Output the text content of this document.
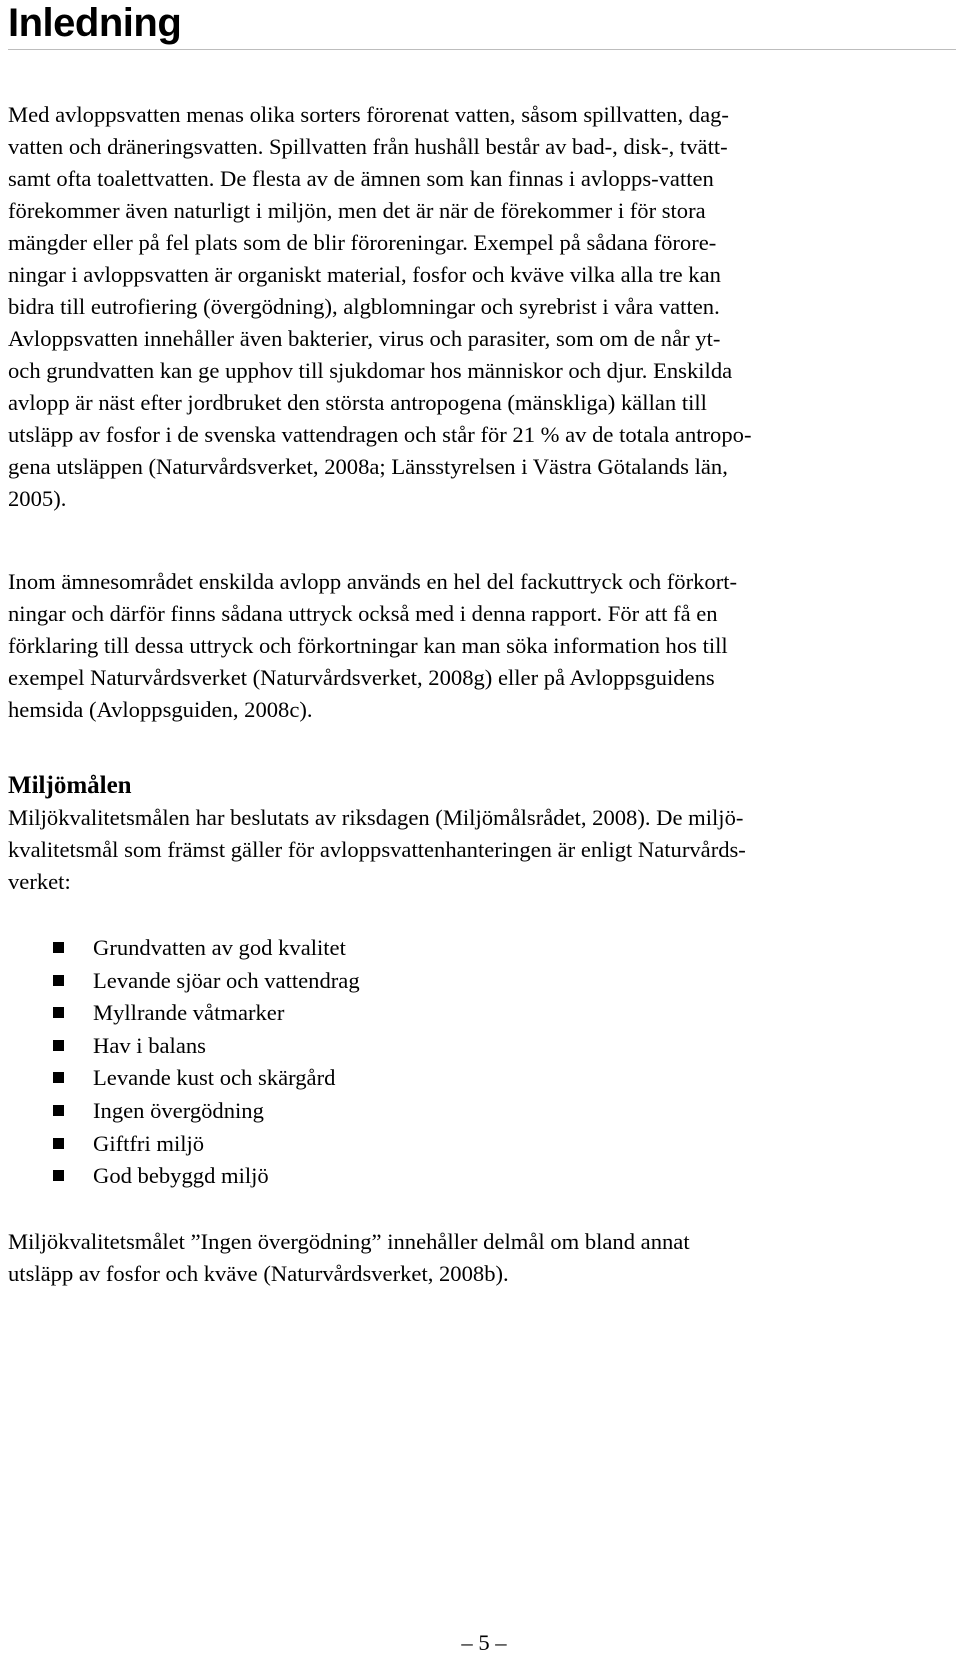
Inledning

Med avloppsvatten menas olika sorters förorenat vatten, såsom spillvatten, dag-
vatten och dräneringsvatten. Spillvatten från hushåll består av bad-, disk-, tvätt-
samt ofta toalettvatten. De flesta av de ämnen som kan finnas i avlopps-vatten
förekommer även naturligt i miljön, men det är när de förekommer i för stora
mängder eller på fel plats som de blir föroreningar. Exempel på sådana förore-
ningar i avloppsvatten är organiskt material, fosfor och kväve vilka alla tre kan
bidra till eutrofiering (övergödning), algblomningar och syrebrist i våra vatten.
Avloppsvatten innehåller även bakterier, virus och parasiter, som om de når yt-
och grundvatten kan ge upphov till sjukdomar hos människor och djur. Enskilda
avlopp är näst efter jordbruket den största antropogena (mänskliga) källan till
utsläpp av fosfor i de svenska vattendragen och står för 21 % av de totala antropo-
gena utsläppen (Naturvårdsverket, 2008a; Länsstyrelsen i Västra Götalands län,
2005).

Inom ämnesområdet enskilda avlopp används en hel del fackuttryck och förkort-
ningar och därför finns sådana uttryck också med i denna rapport. För att få en
förklaring till dessa uttryck och förkortningar kan man söka information hos till
exempel Naturvårdsverket (Naturvårdsverket, 2008g) eller på Avloppsguidens
hemsida (Avloppsguiden, 2008c).

Miljömålen

Miljökvalitetsmålen har beslutats av riksdagen (Miljömålsrådet, 2008). De miljö-
kvalitetsmål som främst gäller för avloppsvattenhanteringen är enligt Naturvårds-
verket:

Grundvatten av god kvalitet
Levande sjöar och vattendrag
Myllrande våtmarker
Hav i balans
Levande kust och skärgård
Ingen övergödning
Giftfri miljö
God bebyggd miljö

Miljökvalitetsmålet ”Ingen övergödning” innehåller delmål om bland annat
utsläpp av fosfor och kväve (Naturvårdsverket, 2008b).

– 5 –
